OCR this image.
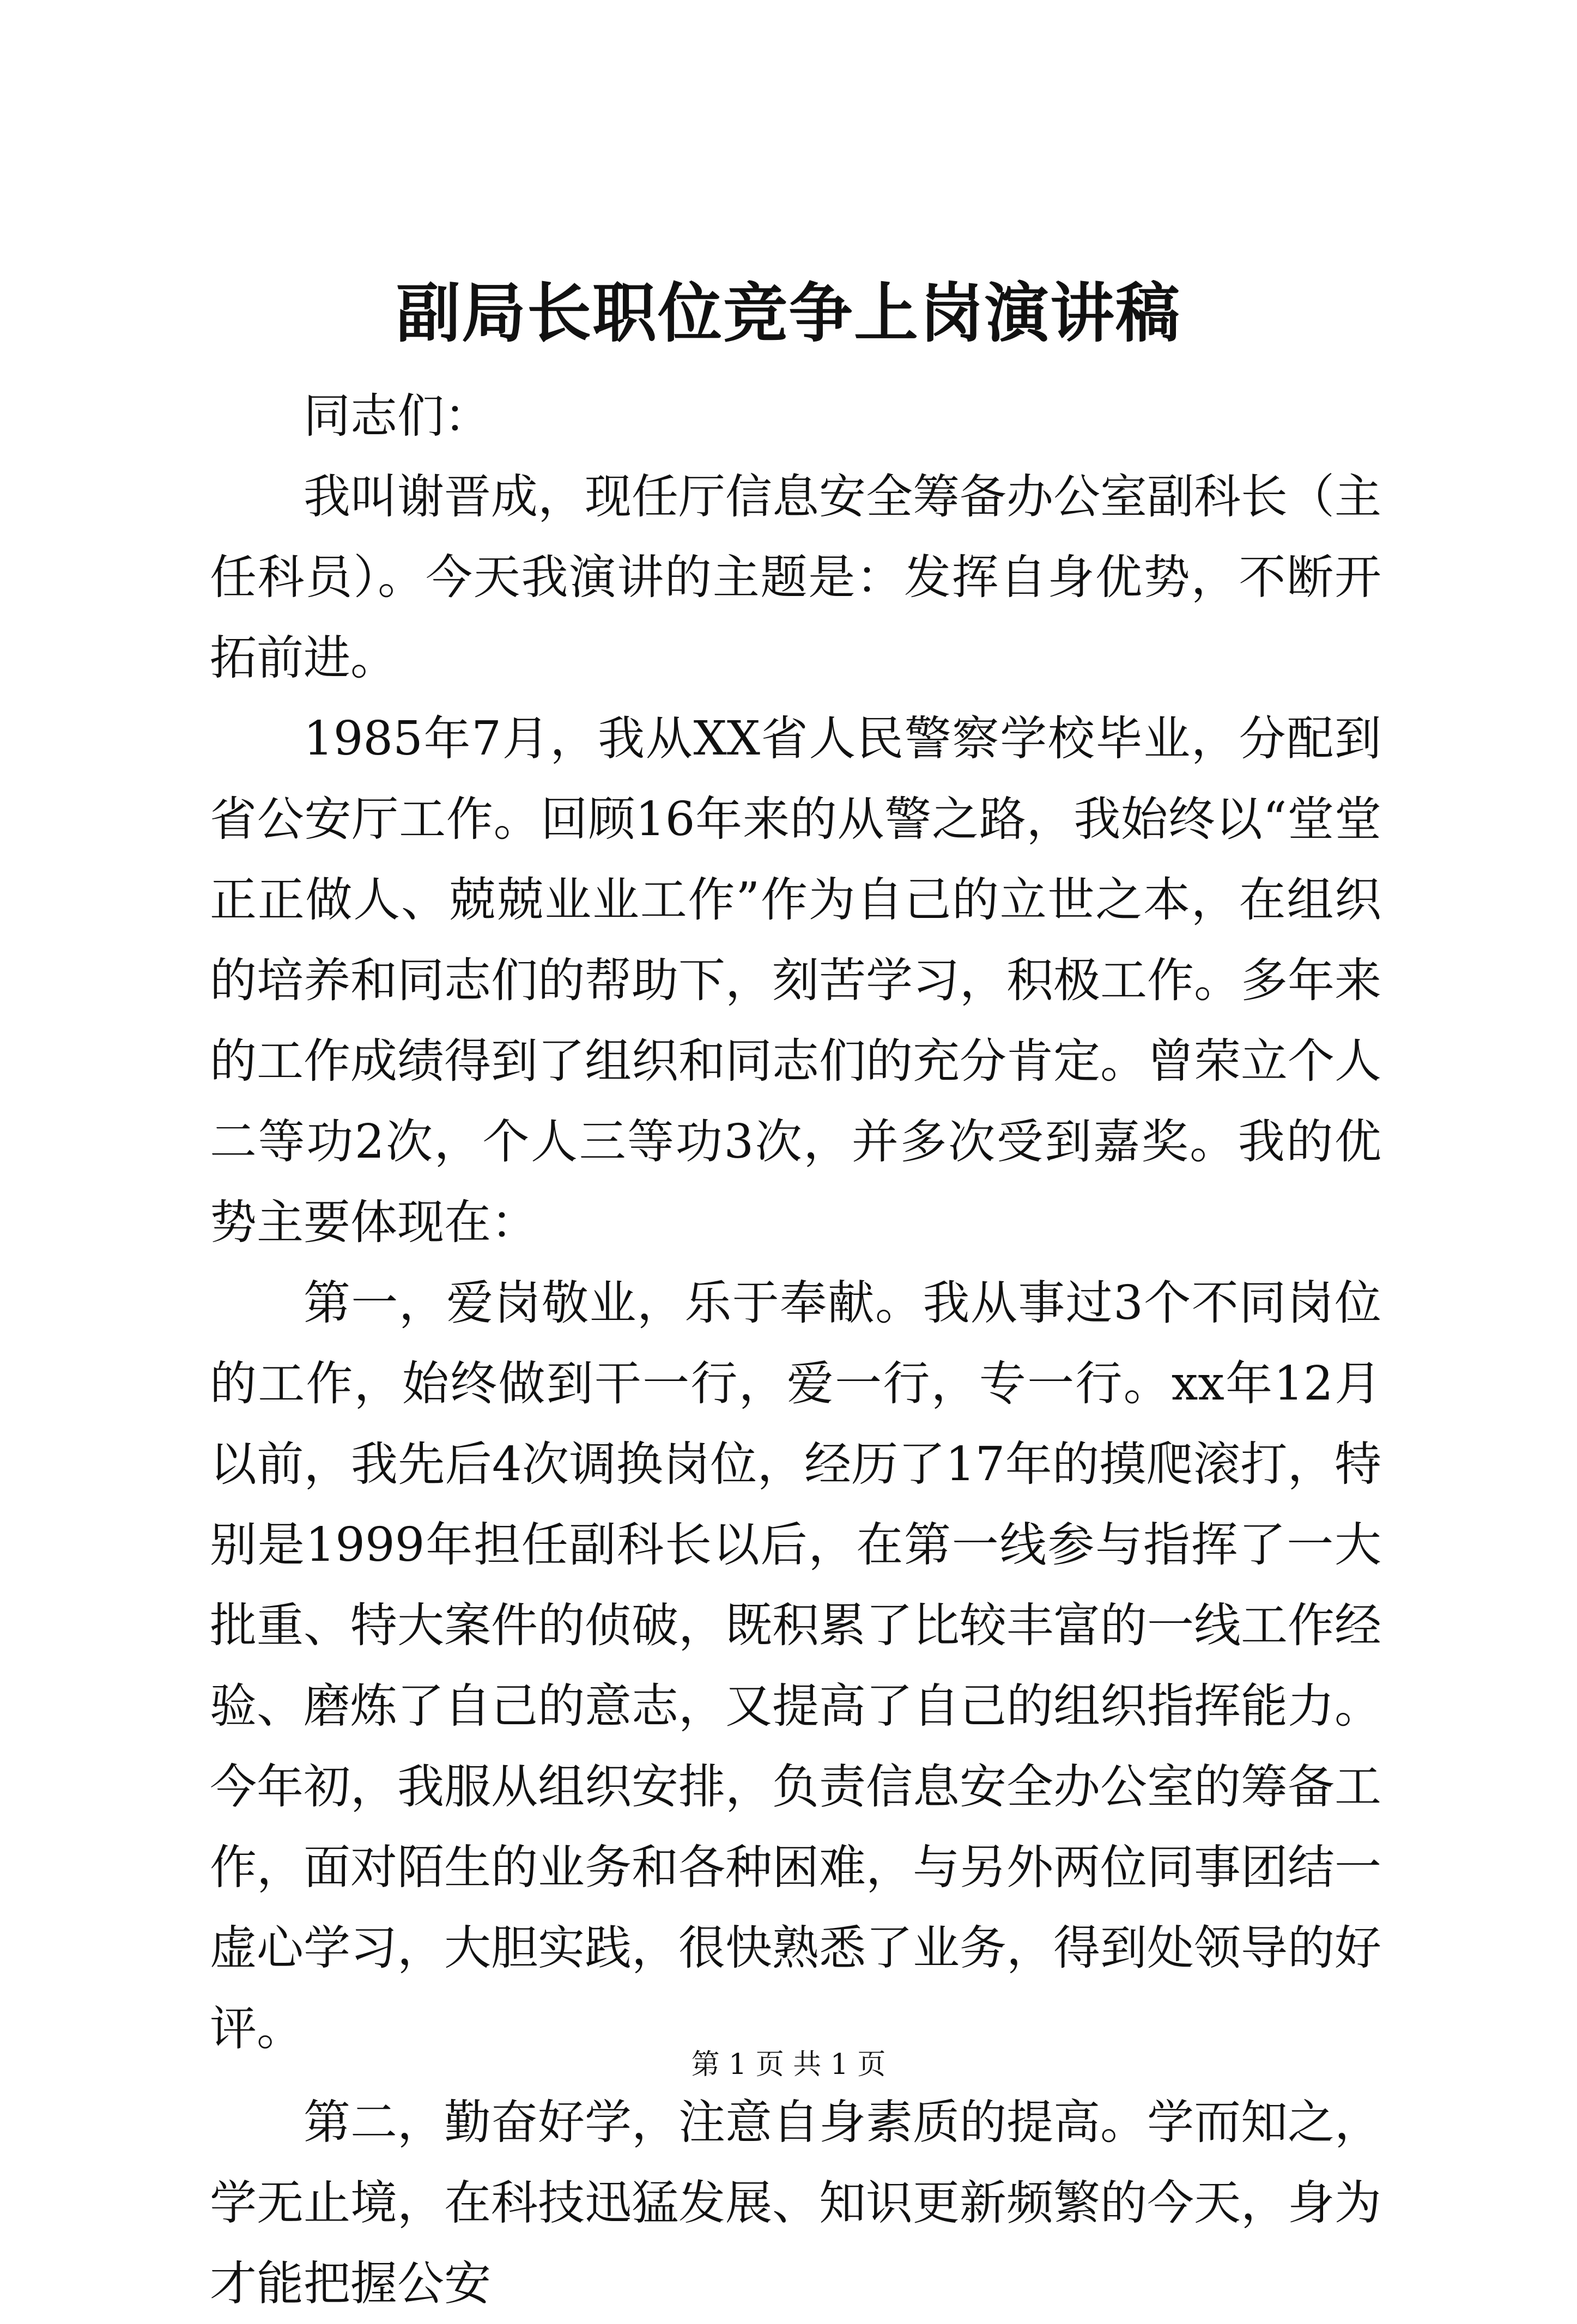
副局长职位竞争上岗演讲稿

同志们：

我叫谢晋成，现任厅信息安全筹备办公室副科长（主任科员）。今天我演讲的主题是：发挥自身优势，不断开拓前进。

1985年7月，我从XX省人民警察学校毕业，分配到省公安厅工作。回顾16年来的从警之路，我始终以“堂堂正正做人、兢兢业业工作”作为自己的立世之本，在组织的培养和同志们的帮助下，刻苦学习，积极工作。多年来的工作成绩得到了组织和同志们的充分肯定。曾荣立个人二等功2次，个人三等功3次，并多次受到嘉奖。我的优势主要体现在：

第一，爱岗敬业，乐于奉献。我从事过3个不同岗位的工作，始终做到干一行，爱一行，专一行。xx年12月以前，我先后4次调换岗位，经历了17年的摸爬滚打，特别是1999年担任副科长以后，在第一线参与指挥了一大批重、特大案件的侦破，既积累了比较丰富的一线工作经验、磨炼了自己的意志，又提高了自己的组织指挥能力。今年初，我服从组织安排，负责信息安全办公室的筹备工作，面对陌生的业务和各种困难，与另外两位同事团结一虚心学习，大胆实践，很快熟悉了业务，得到处领导的好评。

第二，勤奋好学，注意自身素质的提高。学而知之，学无止境，在科技迅猛发展、知识更新频繁的今天，身为才能把握公安

第 1 页 共 1 页
